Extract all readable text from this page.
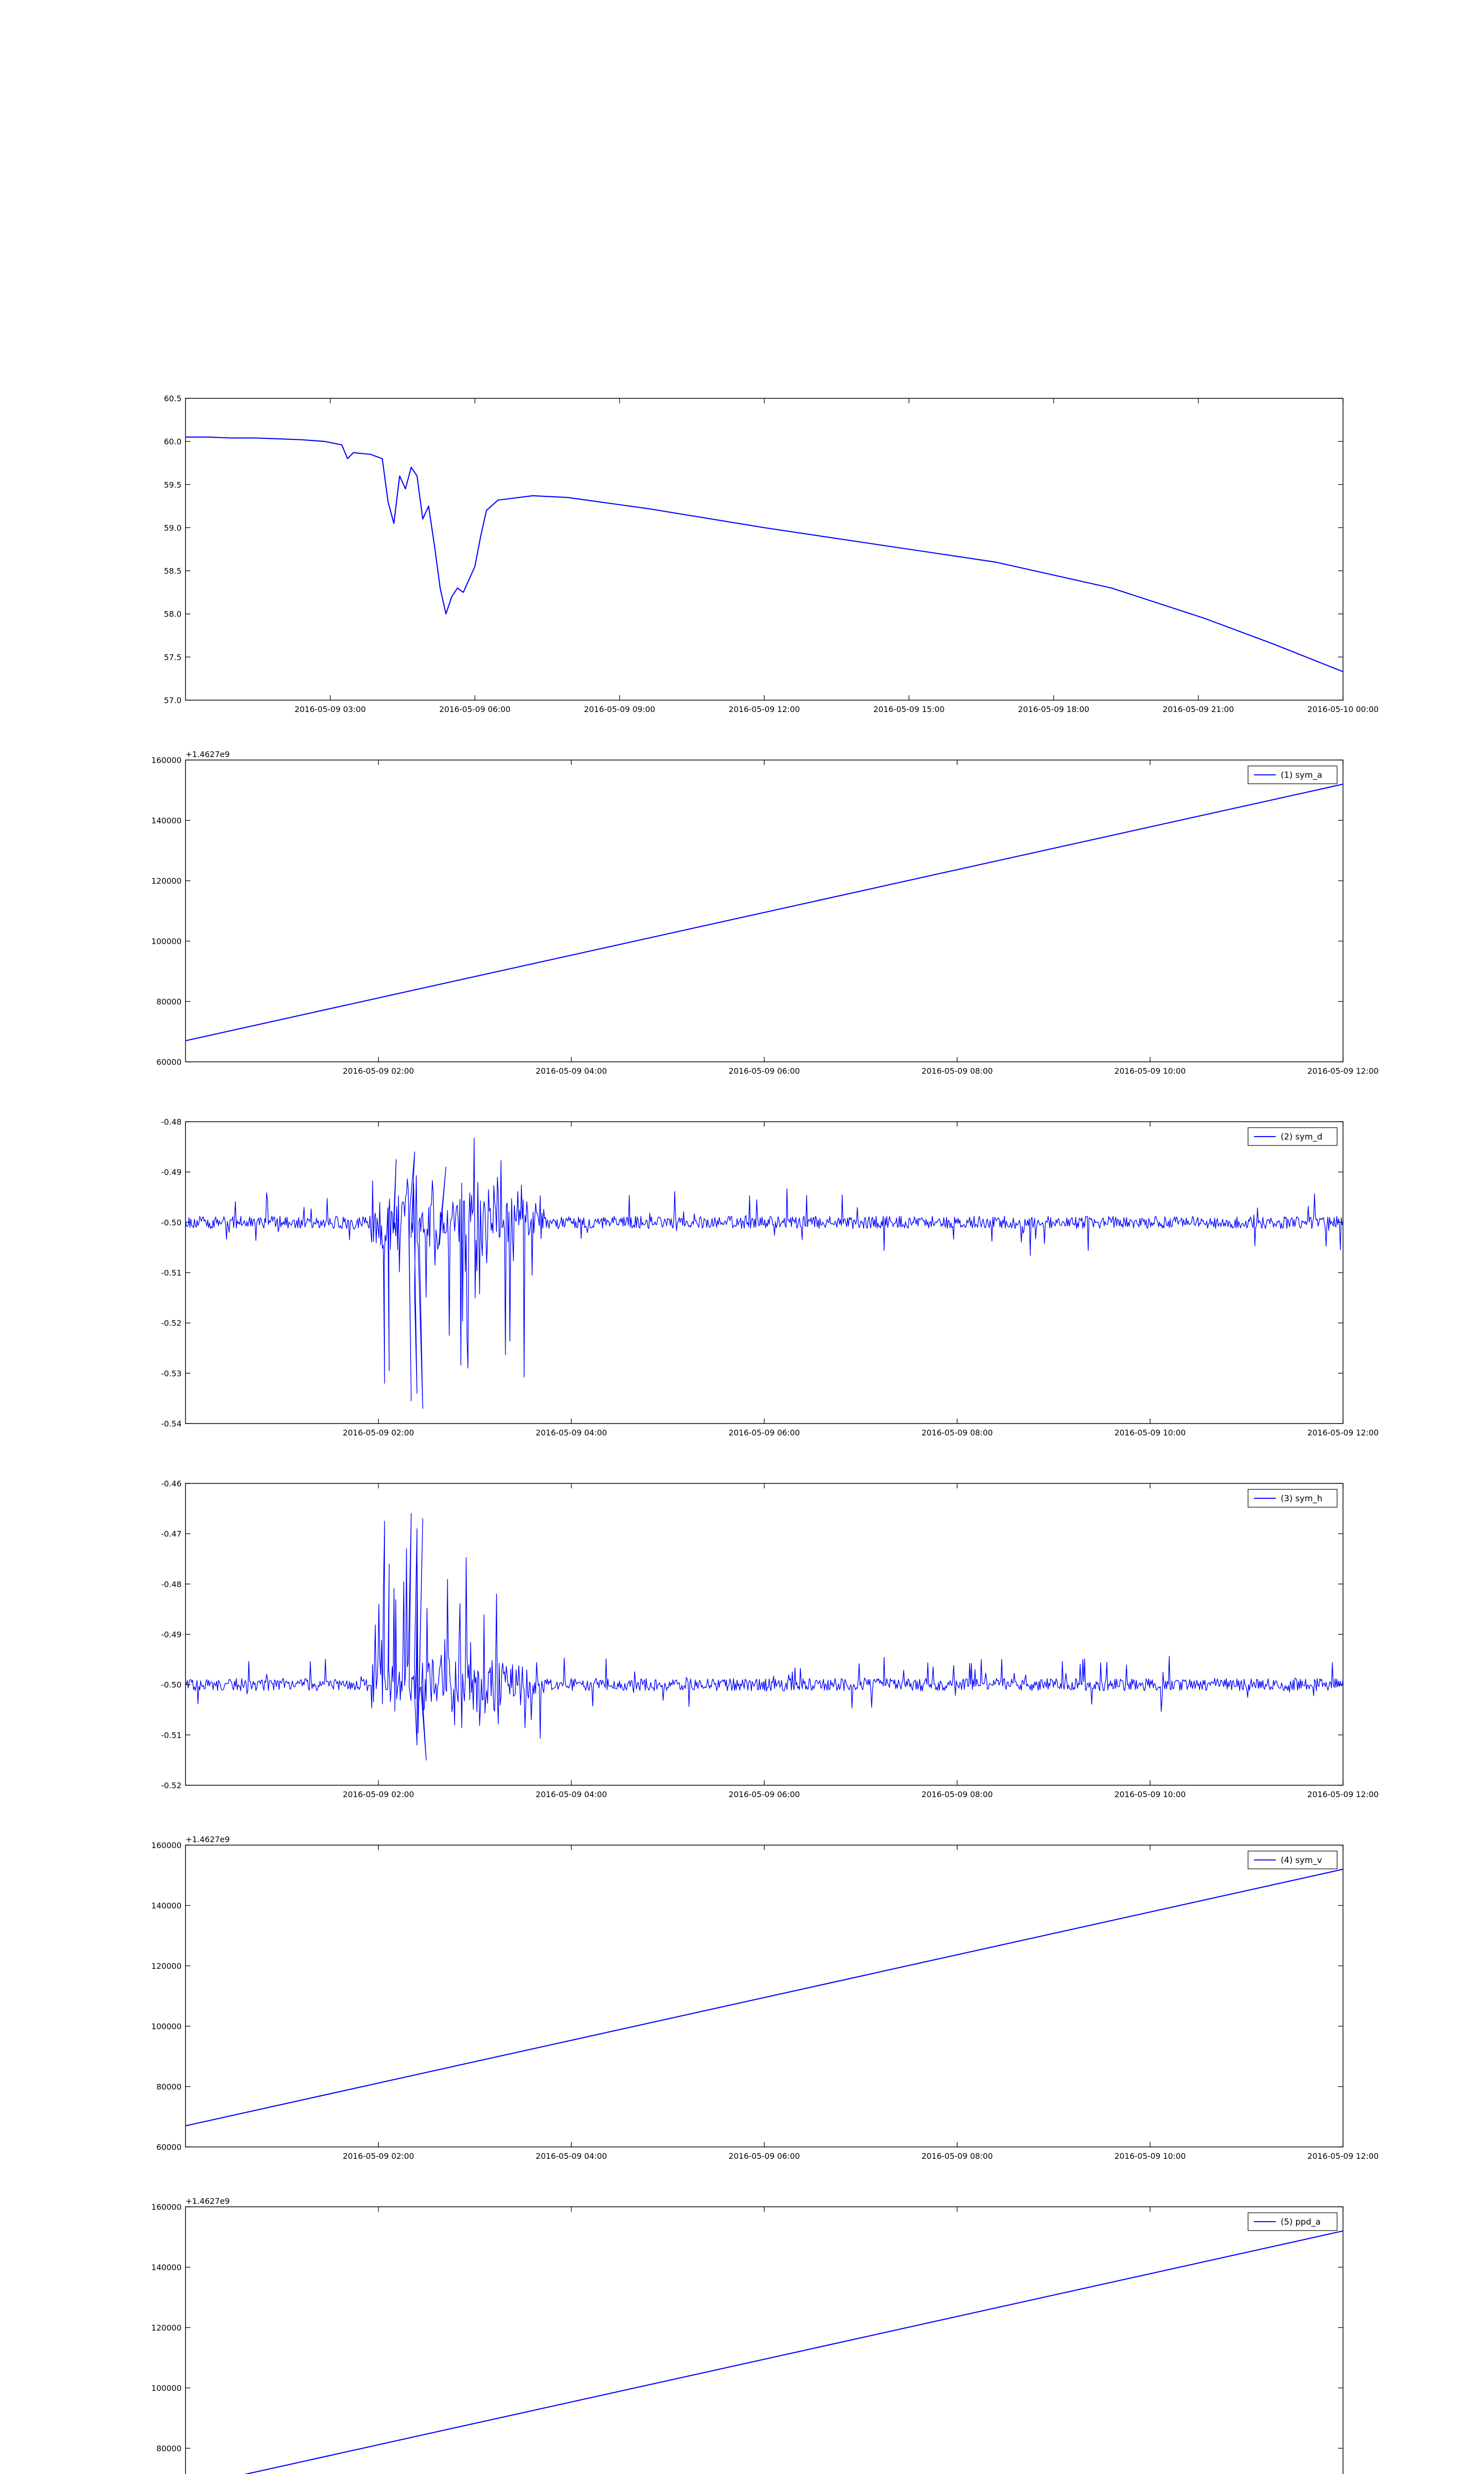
57.0
57.5
58.0
58.5
59.0
59.5
60.0
60.5
2016-05-09 03:00	2016-05-09 06:00	2016-05-09 09:00	2016-05-09 12:00	2016-05-09 15:00	2016-05-09 18:00	2016-05-09 21:00	2016-05-10 00:00
60000
80000
100000
120000
140000
160000
2016-05-09 02:00	2016-05-09 04:00	2016-05-09 06:00	2016-05-09 08:00	2016-05-09 10:00	2016-05-09 12:00
+1.4627e9
(1) sym_a
-0.54
-0.53
-0.52
-0.51
-0.50
-0.49
-0.48
2016-05-09 02:00	2016-05-09 04:00	2016-05-09 06:00	2016-05-09 08:00	2016-05-09 10:00	2016-05-09 12:00
(2) sym_d
-0.52
-0.51
-0.50
-0.49
-0.48
-0.47
-0.46
2016-05-09 02:00	2016-05-09 04:00	2016-05-09 06:00	2016-05-09 08:00	2016-05-09 10:00	2016-05-09 12:00
(3) sym_h
60000
80000
100000
120000
140000
160000
2016-05-09 02:00	2016-05-09 04:00	2016-05-09 06:00	2016-05-09 08:00	2016-05-09 10:00	2016-05-09 12:00
+1.4627e9
(4) sym_v
80000
100000
120000
140000
160000
+1.4627e9
(5) ppd_a
